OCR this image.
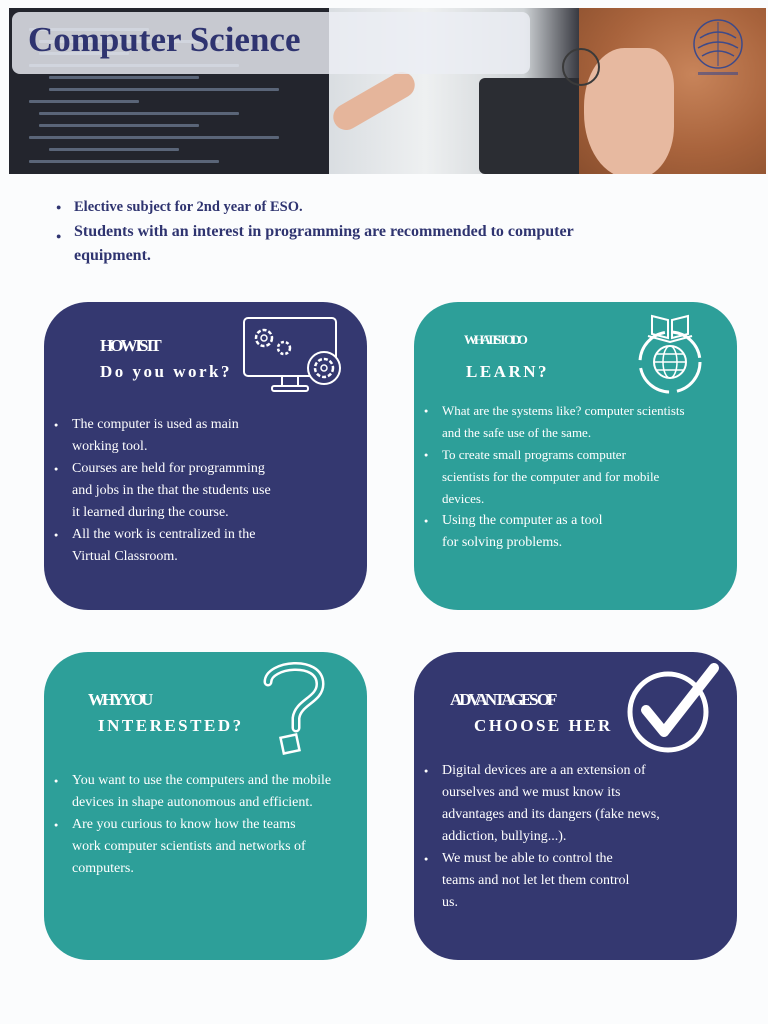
Computer Science
● Elective subject for 2nd year of ESO.
● Students with an interest in programming are recommended to computer equipment.
HOW IS IT
Do you work?
● The computer is used as main working tool.
● Courses are held for programming and jobs in the that the students use it learned during the course.
● All the work is centralized in the Virtual Classroom.
WHAT IS TO DO
LEARN?
● What are the systems like? computer scientists and the safe use of the same.
● To create small programs computer scientists for the computer and for mobile devices.
● Using the computer as a tool for solving problems.
WHY YOU
INTERESTED?
● You want to use the computers and the mobile devices in shape autonomous and efficient.
● Are you curious to know how the teams work computer scientists and networks of computers.
ADVANTAGES OF
CHOOSE HER
● Digital devices are a an extension of ourselves and we must know its advantages and its dangers (fake news, addiction, bullying...).
● We must be able to control the teams and not let let them control us.
